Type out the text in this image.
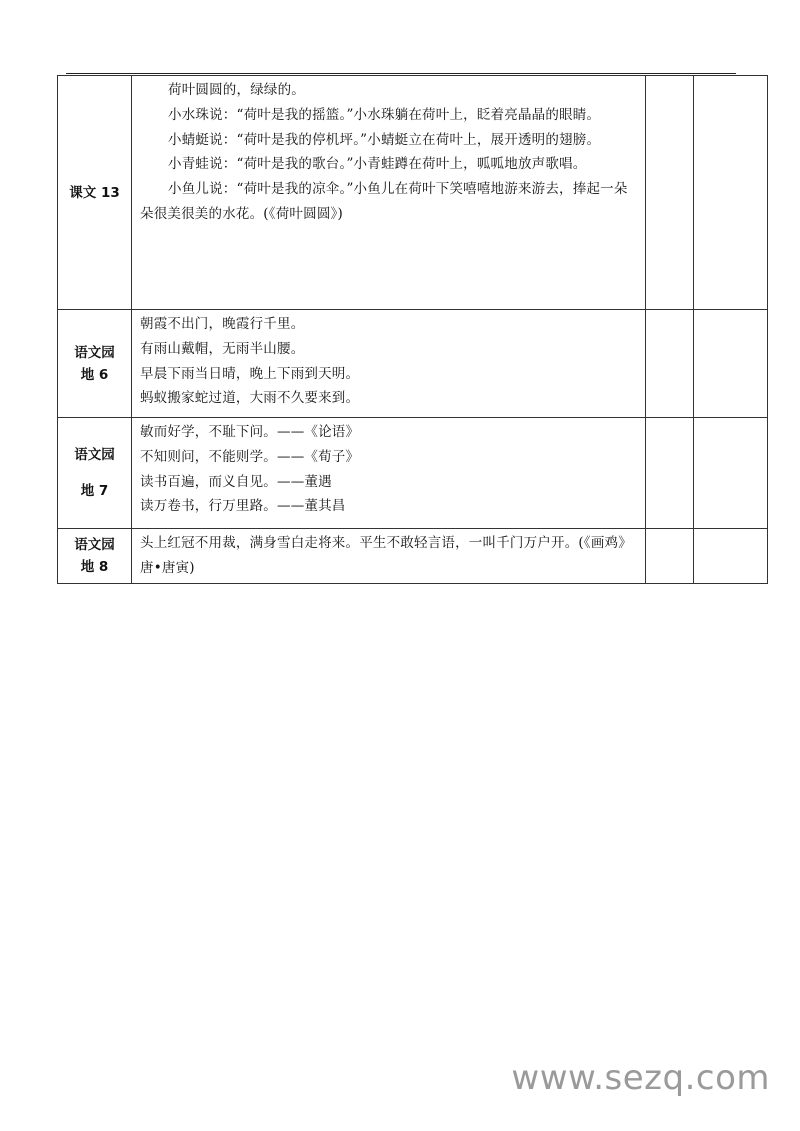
课文 13	荷叶圆圆的，绿绿的。
小水珠说：“荷叶是我的摇篮。”小水珠躺在荷叶上，眨着亮晶晶的眼睛。
小蜻蜓说：“荷叶是我的停机坪。”小蜻蜓立在荷叶上，展开透明的翅膀。
小青蛙说：“荷叶是我的歌台。”小青蛙蹲在荷叶上，呱呱地放声歌唱。
小鱼儿说：“荷叶是我的凉伞。”小鱼儿在荷叶下笑嘻嘻地游来游去，捧起一朵朵很美很美的水花。(《荷叶圆圆》)		

语文园
地 6	朝霞不出门，晚霞行千里。
有雨山戴帽，无雨半山腰。
早晨下雨当日晴，晚上下雨到天明。
蚂蚁搬家蛇过道，大雨不久要来到。		

语文园
地 7	敏而好学，不耻下问。——《论语》
不知则问，不能则学。——《荀子》
读书百遍，而义自见。——董遇
读万卷书，行万里路。——董其昌		

语文园
地 8	头上红冠不用裁，满身雪白走将来。平生不敢轻言语，一叫千门万户开。(《画鸡》唐•唐寅)		

www.sezq.com
